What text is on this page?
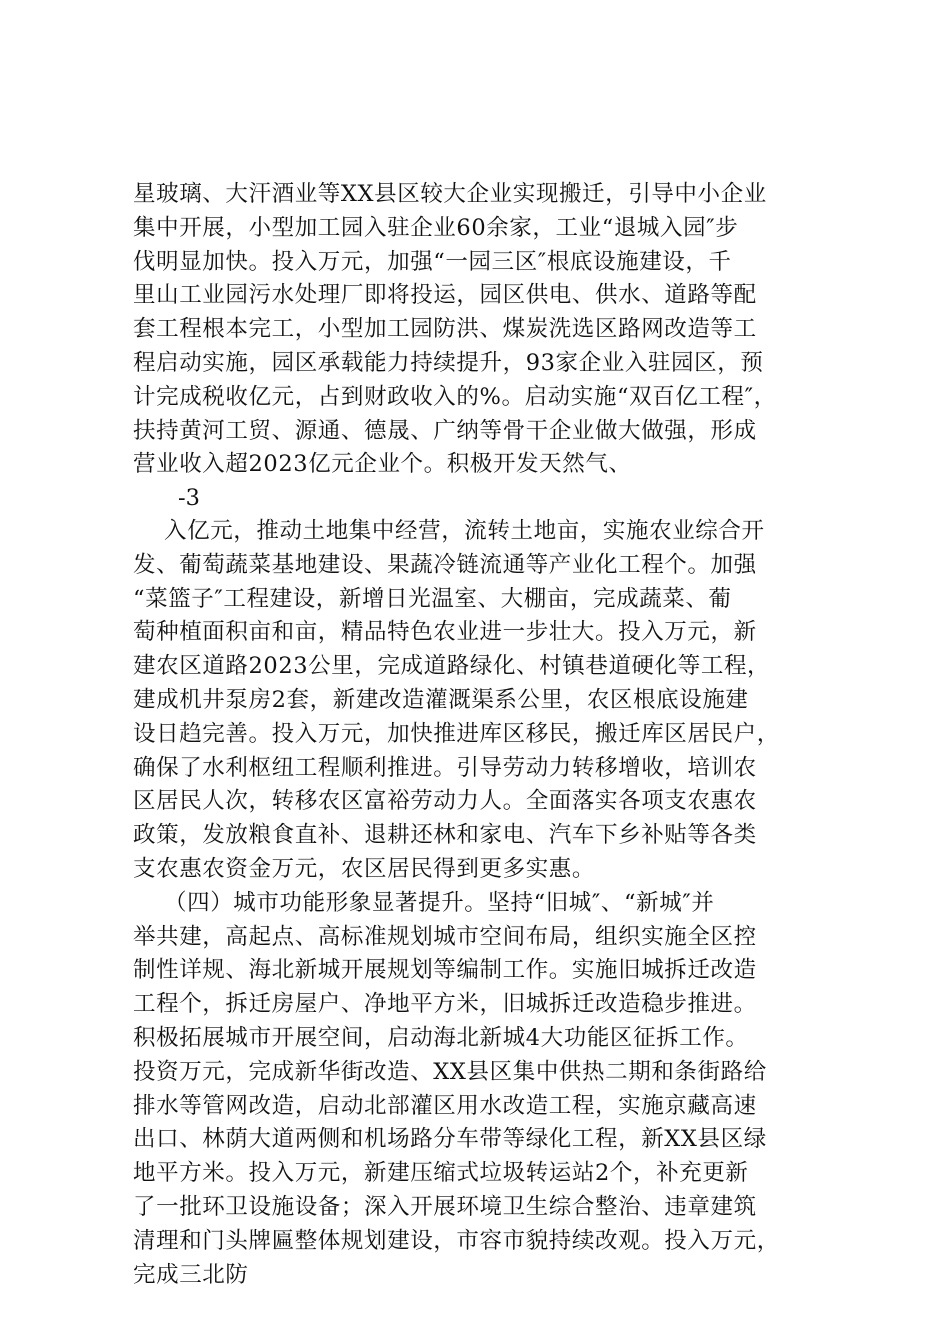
星玻璃、大汗酒业等XX县区较大企业实现搬迁，引导中小企业
集中开展，小型加工园入驻企业60余家，工业“退城入园″步
伐明显加快。投入万元，加强“一园三区″根底设施建设，千
里山工业园污水处理厂即将投运，园区供电、供水、道路等配
套工程根本完工，小型加工园防洪、煤炭洗选区路网改造等工
程启动实施，园区承载能力持续提升，93家企业入驻园区，预
计完成税收亿元，占到财政收入的%。启动实施“双百亿工程″，
扶持黄河工贸、源通、德晟、广纳等骨干企业做大做强，形成
营业收入超2023亿元企业个。积极开发天然气、
-3
入亿元，推动土地集中经营，流转土地亩，实施农业综合开
发、葡萄蔬菜基地建设、果蔬冷链流通等产业化工程个。加强
“菜篮子″工程建设，新增日光温室、大棚亩，完成蔬菜、葡
萄种植面积亩和亩，精品特色农业进一步壮大。投入万元，新
建农区道路2023公里，完成道路绿化、村镇巷道硬化等工程，
建成机井泵房2套，新建改造灌溉渠系公里，农区根底设施建
设日趋完善。投入万元，加快推进库区移民，搬迁库区居民户，
确保了水利枢纽工程顺利推进。引导劳动力转移增收，培训农
区居民人次，转移农区富裕劳动力人。全面落实各项支农惠农
政策，发放粮食直补、退耕还林和家电、汽车下乡补贴等各类
支农惠农资金万元，农区居民得到更多实惠。
（四）城市功能形象显著提升。坚持“旧城″、“新城″并
举共建，高起点、高标准规划城市空间布局，组织实施全区控
制性详规、海北新城开展规划等编制工作。实施旧城拆迁改造
工程个，拆迁房屋户、净地平方米，旧城拆迁改造稳步推进。
积极拓展城市开展空间，启动海北新城4大功能区征拆工作。
投资万元，完成新华街改造、XX县区集中供热二期和条街路给
排水等管网改造，启动北部灌区用水改造工程，实施京藏高速
出口、林荫大道两侧和机场路分车带等绿化工程，新XX县区绿
地平方米。投入万元，新建压缩式垃圾转运站2个，补充更新
了一批环卫设施设备；深入开展环境卫生综合整治、违章建筑
清理和门头牌匾整体规划建设，市容市貌持续改观。投入万元，
完成三北防
